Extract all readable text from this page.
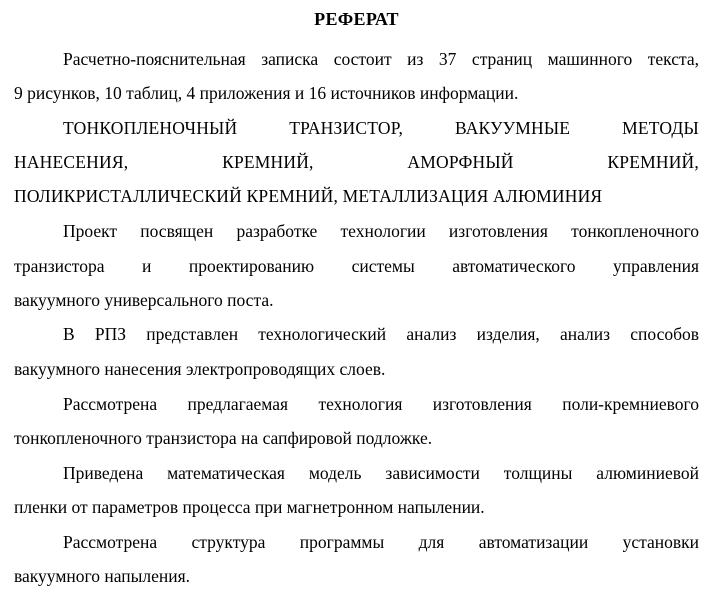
РЕФЕРАТ
Расчетно-пояснительная записка состоит из 37 страниц машинного текста,
9 рисунков, 10 таблиц, 4 приложения и 16 источников информации.
ТОНКОПЛЕНОЧНЫЙ	ТРАНЗИСТОР,	ВАКУУМНЫЕ	МЕТОДЫ
НАНЕСЕНИЯ,	КРЕМНИЙ,	АМОРФНЫЙ	КРЕМНИЙ,
ПОЛИКРИСТАЛЛИЧЕСКИЙ КРЕМНИЙ, МЕТАЛЛИЗАЦИЯ АЛЮМИНИЯ
Проект посвящен разработке технологии изготовления тонкопленочного
транзистора и проектированию системы автоматического управления
вакуумного универсального поста.
В РПЗ представлен технологический анализ изделия, анализ способов
вакуумного нанесения электропроводящих слоев.
Рассмотрена предлагаемая технология изготовления поли-кремниевого
тонкопленочного транзистора на сапфировой подложке.
Приведена математическая модель зависимости толщины алюминиевой
пленки от параметров процесса при магнетронном напылении.
Рассмотрена структура программы для автоматизации установки
вакуумного напыления.
